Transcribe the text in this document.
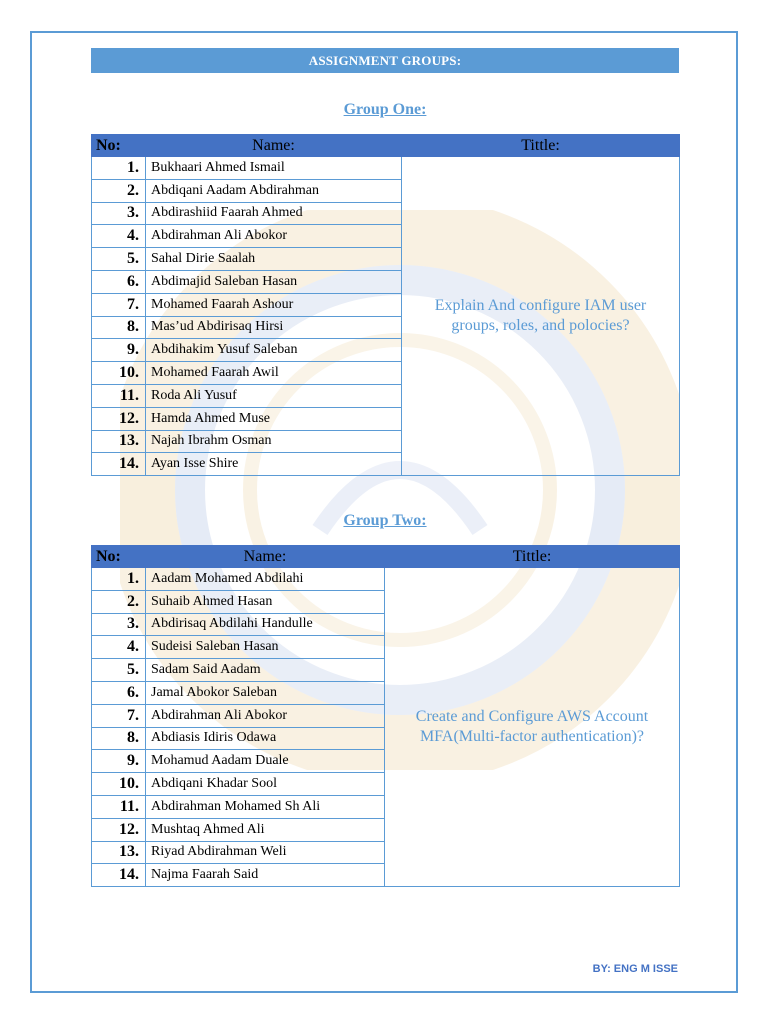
ASSIGNMENT GROUPS:
Group One:
No:	Name:	Tittle:
1.	Bukhaari Ahmed Ismail	Explain And configure IAM user groups, roles, and polocies?
2.	Abdiqani Aadam Abdirahman	
3.	Abdirashiid Faarah Ahmed	
4.	Abdirahman Ali Abokor	
5.	Sahal Dirie Saalah	
6.	Abdimajid Saleban Hasan	
7.	Mohamed Faarah Ashour	
8.	Mas’ud Abdirisaq Hirsi	
9.	Abdihakim Yusuf Saleban	
10.	Mohamed Faarah Awil	
11.	Roda Ali Yusuf	
12.	Hamda Ahmed Muse	
13.	Najah Ibrahm Osman	
14.	Ayan Isse Shire	
Group Two:
No:	Name:	Tittle:
1.	Aadam Mohamed Abdilahi	Create and Configure AWS Account MFA(Multi-factor authentication)?
2.	Suhaib Ahmed Hasan	
3.	Abdirisaq Abdilahi Handulle	
4.	Sudeisi Saleban Hasan	
5.	Sadam Said Aadam	
6.	Jamal Abokor Saleban	
7.	Abdirahman Ali Abokor	
8.	Abdiasis Idiris Odawa	
9.	Mohamud Aadam Duale	
10.	Abdiqani Khadar Sool	
11.	Abdirahman Mohamed Sh Ali	
12.	Mushtaq Ahmed Ali	
13.	Riyad Abdirahman Weli	
14.	Najma Faarah Said	
BY: ENG M ISSE
